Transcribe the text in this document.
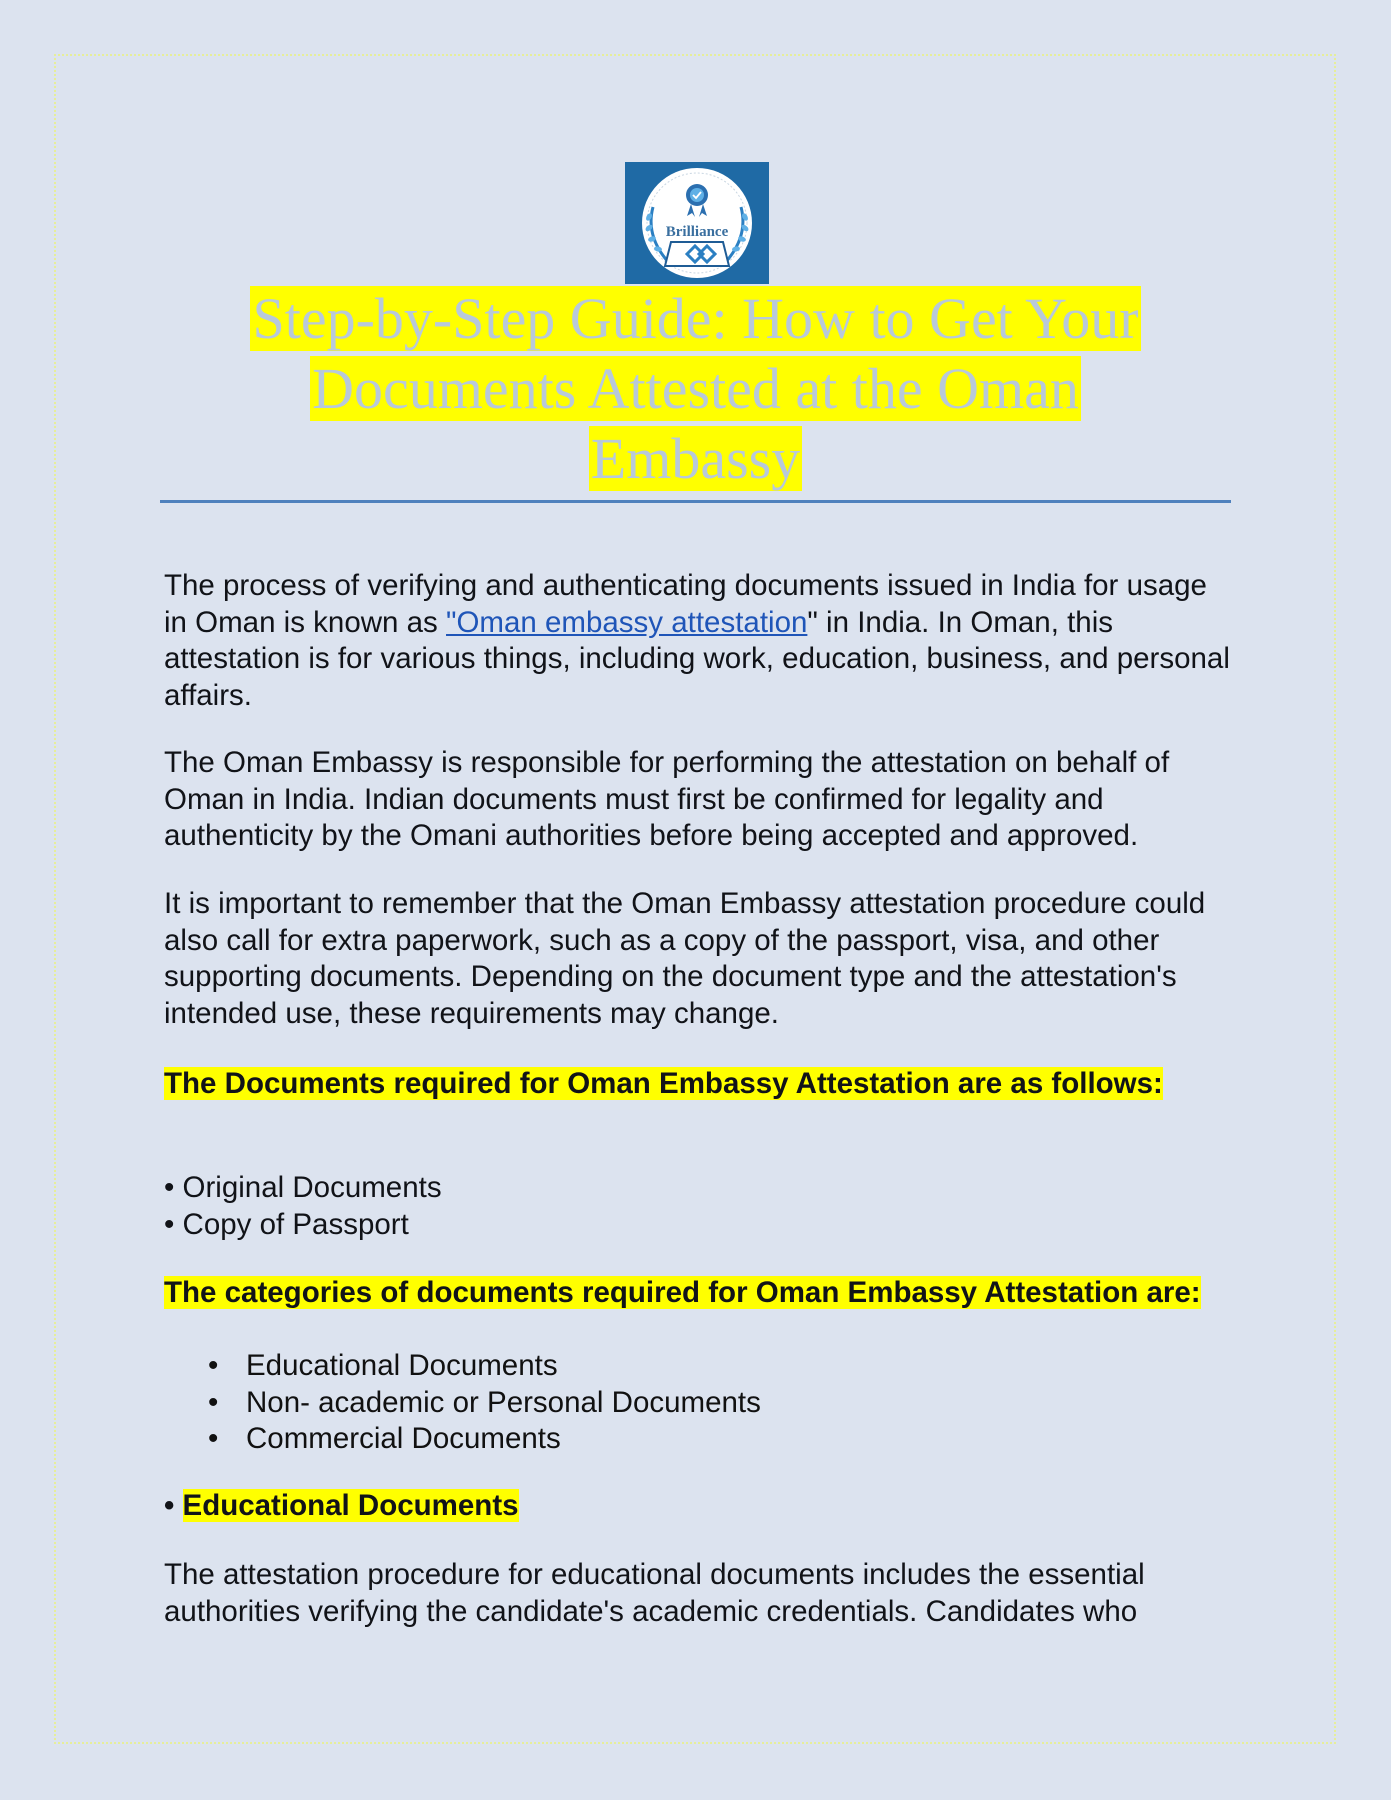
Brilliance
Step-by-Step Guide: How to Get Your
Documents Attested at the Oman
Embassy

The process of verifying and authenticating documents issued in India for usage in Oman is known as "Oman embassy attestation" in India. In Oman, this attestation is for various things, including work, education, business, and personal affairs.

The Oman Embassy is responsible for performing the attestation on behalf of Oman in India. Indian documents must first be confirmed for legality and authenticity by the Omani authorities before being accepted and approved.

It is important to remember that the Oman Embassy attestation procedure could also call for extra paperwork, such as a copy of the passport, visa, and other supporting documents. Depending on the document type and the attestation's intended use, these requirements may change.

The Documents required for Oman Embassy Attestation are as follows:

• Original Documents
• Copy of Passport

The categories of documents required for Oman Embassy Attestation are:

• Educational Documents
• Non- academic or Personal Documents
• Commercial Documents

• Educational Documents

The attestation procedure for educational documents includes the essential authorities verifying the candidate's academic credentials. Candidates who
